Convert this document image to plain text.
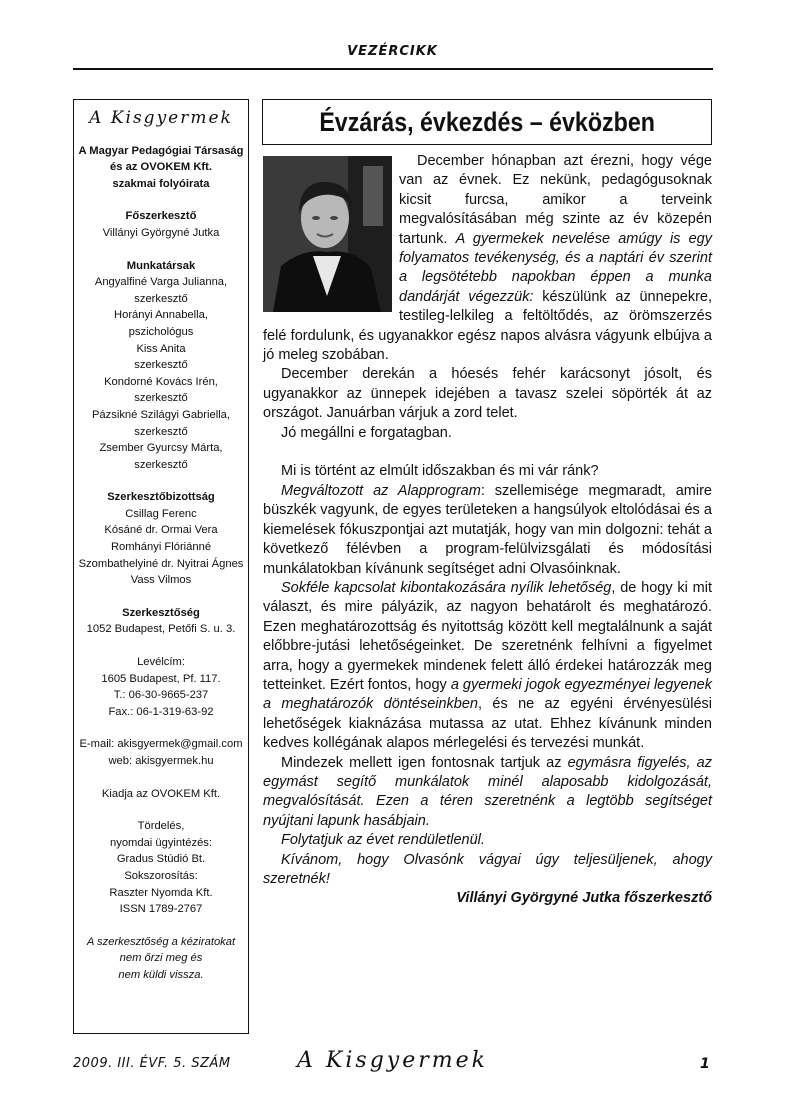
VEZÉRCIKK
A Kisgyermek
A Magyar Pedagógiai Társaság
és az OVOKEM Kft.
szakmai folyóirata
Főszerkesztő
Villányi Györgyné Jutka
Munkatársak
Angyalfiné Varga Julianna,
szerkesztő
Horányi Annabella,
pszichológus
Kiss Anita
szerkesztő
Kondorné Kovács Irén,
szerkesztő
Pázsikné Szilágyi Gabriella,
szerkesztő
Zsember Gyurcsy Márta,
szerkesztő
Szerkesztőbizottság
Csillag Ferenc
Kósáné dr. Ormai Vera
Romhányi Flóriánné
Szombathelyiné dr. Nyitrai Ágnes
Vass Vilmos
Szerkesztőség
1052 Budapest, Petőfi S. u. 3.
Levélcím:
1605 Budapest, Pf. 117.
T.: 06-30-9665-237
Fax.: 06-1-319-63-92
E-mail: akisgyermek@gmail.com
web: akisgyermek.hu
Kiadja az OVOKEM Kft.
Tördelés,
nyomdai ügyintézés:
Gradus Stúdió Bt.
Sokszorosítás:
Raszter Nyomda Kft.
ISSN 1789-2767
A szerkesztőség a kéziratokat
nem őrzi meg és
nem küldi vissza.
Évzárás, évkezdés – évközben

December hónapban azt érezni, hogy vége van az évnek. Ez nekünk, pedagógusoknak kicsit furcsa, amikor a terveink megvalósításában még szinte az év közepén tartunk. A gyermekek nevelése amúgy is egy folyamatos tevékenység, és a naptári év szerint a legsötétebb napokban éppen a munka dandárját végezzük: készülünk az ünnepekre, testileg-lelkileg a feltöltődés, az örömszerzés felé fordulunk, és ugyanakkor egész napos alvásra vágyunk elbújva a jó meleg szobában.

December derekán a hóesés fehér karácsonyt jósolt, és ugyanakkor az ünnepek idejében a tavasz szelei söpörték át az országot. Januárban várjuk a zord telet.

Jó megállni e forgatagban.

Mi is történt az elmúlt időszakban és mi vár ránk?

Megváltozott az Alapprogram: szellemisége megmaradt, amire büszkék vagyunk, de egyes területeken a hangsúlyok eltolódásai és a kiemelések fókuszpontjai azt mutatják, hogy van min dolgozni: tehát a következő félévben a program-felülvizsgálati és módosítási munkálatokban kívánunk segítséget adni Olvasóinknak.

Sokféle kapcsolat kibontakozására nyílik lehetőség, de hogy ki mit választ, és mire pályázik, az nagyon behatárolt és meghatározó. Ezen meghatározottság és nyitottság között kell megtalálnunk a saját előbbre-jutási lehetőségeinket. De szeretnénk felhívni a figyelmet arra, hogy a gyermekek mindenek felett álló érdekei határozzák meg tetteinket. Ezért fontos, hogy a gyermeki jogok egyezményei legyenek a meghatározók döntéseinkben, és ne az egyéni érvényesülési lehetőségek kiaknázása mutassa az utat. Ehhez kívánunk minden kedves kollégának alapos mérlegelési és tervezési munkát.

Mindezek mellett igen fontosnak tartjuk az egymásra figyelés, az egymást segítő munkálatok minél alaposabb kidolgozását, megvalósítását. Ezen a téren szeretnénk a legtöbb segítséget nyújtani lapunk hasábjain.

Folytatjuk az évet rendületlenül.

Kívánom, hogy Olvasónk vágyai úgy teljesüljenek, ahogy szeretnék!

Villányi Györgyné Jutka főszerkesztő

2009. III. ÉVF. 5. SZÁM	A Kisgyermek	1
